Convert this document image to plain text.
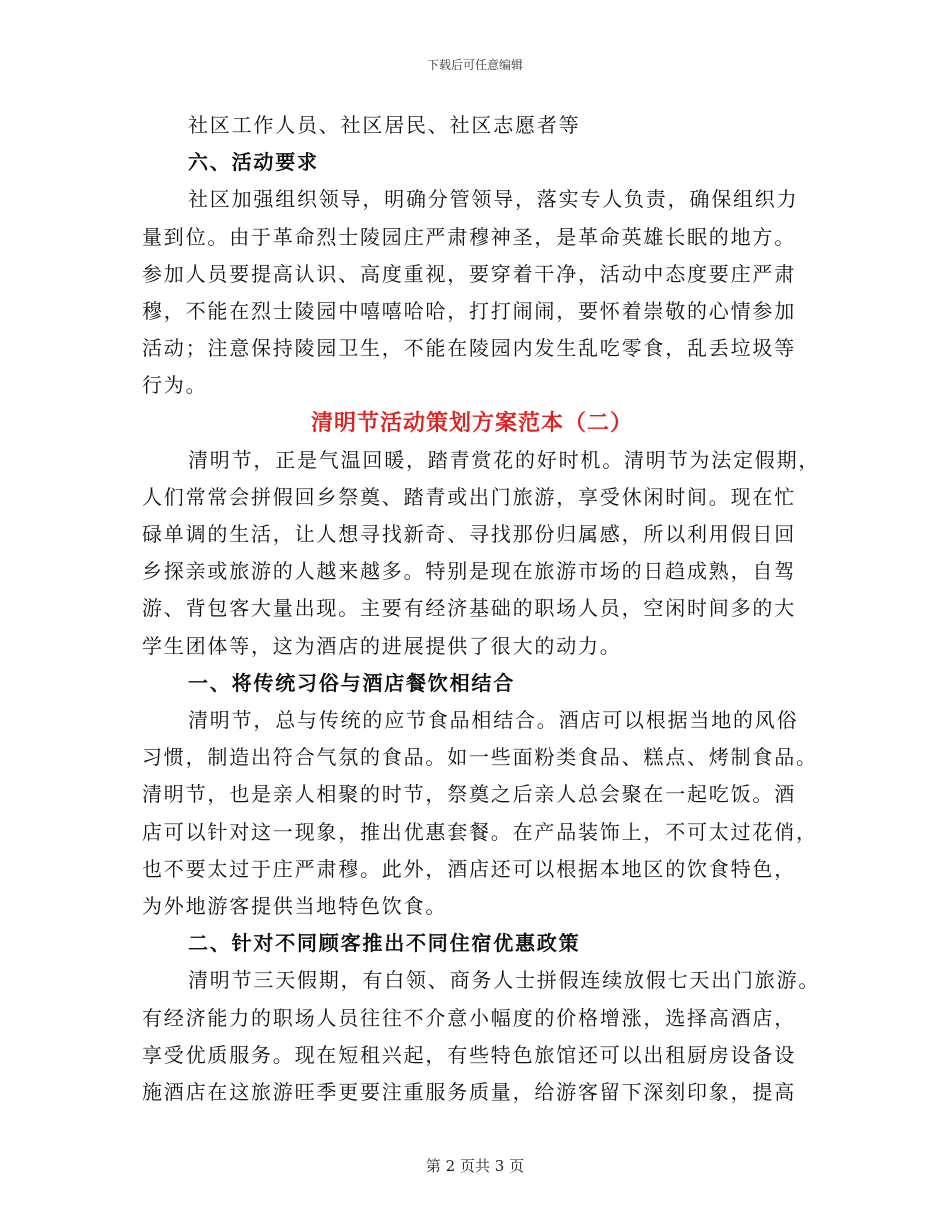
下载后可任意编辑
社区工作人员、社区居民、社区志愿者等
六、活动要求
社区加强组织领导，明确分管领导，落实专人负责，确保组织力
量到位。由于革命烈士陵园庄严肃穆神圣，是革命英雄长眠的地方。
参加人员要提高认识、高度重视，要穿着干净，活动中态度要庄严肃
穆，不能在烈士陵园中嘻嘻哈哈，打打闹闹，要怀着崇敬的心情参加
活动；注意保持陵园卫生，不能在陵园内发生乱吃零食，乱丢垃圾等
行为。
清明节活动策划方案范本（二）
清明节，正是气温回暖，踏青赏花的好时机。清明节为法定假期，
人们常常会拼假回乡祭奠、踏青或出门旅游，享受休闲时间。现在忙
碌单调的生活，让人想寻找新奇、寻找那份归属感，所以利用假日回
乡探亲或旅游的人越来越多。特别是现在旅游市场的日趋成熟，自驾
游、背包客大量出现。主要有经济基础的职场人员，空闲时间多的大
学生团体等，这为酒店的进展提供了很大的动力。
一、将传统习俗与酒店餐饮相结合
清明节，总与传统的应节食品相结合。酒店可以根据当地的风俗
习惯，制造出符合气氛的食品。如一些面粉类食品、糕点、烤制食品。
清明节，也是亲人相聚的时节，祭奠之后亲人总会聚在一起吃饭。酒
店可以针对这一现象，推出优惠套餐。在产品装饰上，不可太过花俏，
也不要太过于庄严肃穆。此外，酒店还可以根据本地区的饮食特色，
为外地游客提供当地特色饮食。
二、针对不同顾客推出不同住宿优惠政策
清明节三天假期，有白领、商务人士拼假连续放假七天出门旅游。
有经济能力的职场人员往往不介意小幅度的价格增涨，选择高酒店，
享受优质服务。现在短租兴起，有些特色旅馆还可以出租厨房设备设
施酒店在这旅游旺季更要注重服务质量，给游客留下深刻印象，提高
第 2 页共 3 页
